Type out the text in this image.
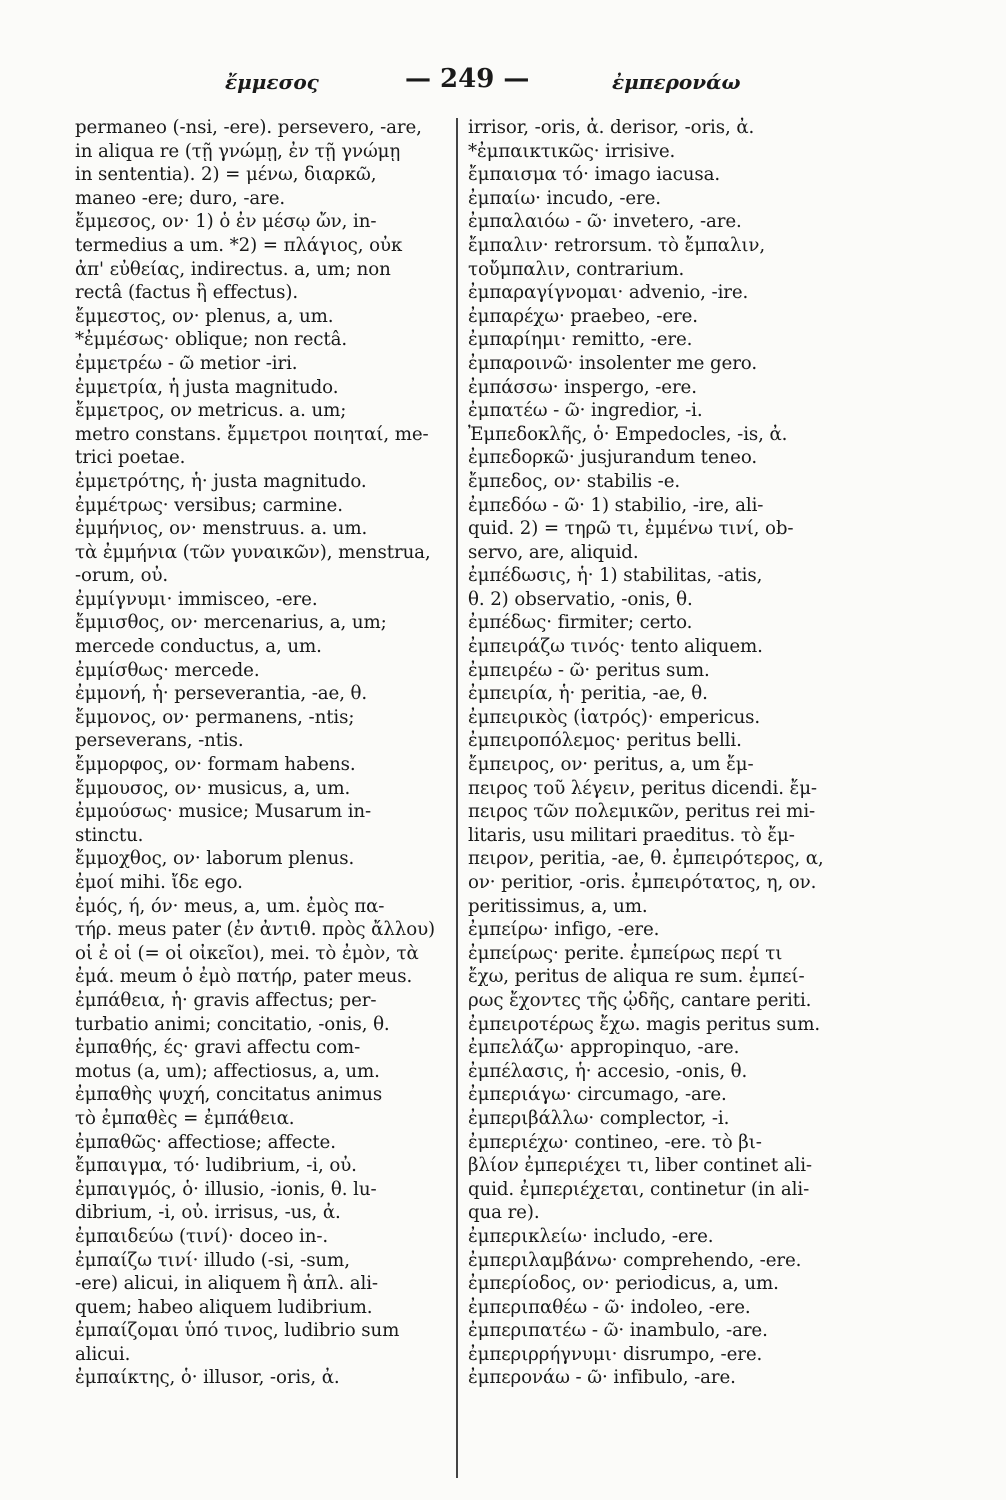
ἔμμεσος	— 249 —	ἐμπερονάω
permaneo (-nsi, -ere). persevero, -are,
in aliqua re (τῇ γνώμῃ, ἐν τῇ γνώμῃ
in sententia). 2) = μένω, διαρκῶ,
maneo -ere; duro, -are.
ἔμμεσος, ον· 1) ὁ ἐν μέσῳ ὤν, in-
termedius a um. *2) = πλάγιος, οὐκ
ἀπ' εὐθείας, indirectus. a, um; non
rectâ (factus ἢ effectus).
ἔμμεστος, ον· plenus, a, um.
*ἐμμέσως· oblique; non rectâ.
ἐμμετρέω - ῶ metior -iri.
ἐμμετρία, ἡ justa magnitudo.
ἔμμετρος, ον metricus. a. um;
metro constans. ἔμμετροι ποιηταί, me-
trici poetae.
ἐμμετρότης, ἡ· justa magnitudo.
ἐμμέτρως· versibus; carmine.
ἐμμήνιος, ον· menstruus. a. um.
τὰ ἐμμήνια (τῶν γυναικῶν), menstrua,
-orum, οὐ.
ἐμμίγνυμι· immisceo, -ere.
ἔμμισθος, ον· mercenarius, a, um;
mercede conductus, a, um.
ἐμμίσθως· mercede.
ἐμμονή, ἡ· perseverantia, -ae, θ.
ἔμμονος, ον· permanens, -ntis;
perseverans, -ntis.
ἔμμορφος, ον· formam habens.
ἔμμουσος, ον· musicus, a, um.
ἐμμούσως· musice; Musarum in-
stinctu.
ἔμμοχθος, ον· laborum plenus.
ἐμοί mihi. ἴδε ego.
ἐμός, ή, όν· meus, a, um. ἐμὸς πα-
τήρ. meus pater (ἐν ἀντιθ. πρὸς ἄλλου)
οἱ ἐ οἱ (= οἱ οἰκεῖοι), mei. τὸ ἐμὸν, τὰ
ἐμά. meum ὁ ἐμὸ πατήρ, pater meus.
ἐμπάθεια, ἡ· gravis affectus; per-
turbatio animi; concitatio, -onis, θ.
ἐμπαθής, ές· gravi affectu com-
motus (a, um); affectiosus, a, um.
ἐμπαθὴς ψυχή, concitatus animus
τὸ ἐμπαθὲς = ἐμπάθεια.
ἐμπαθῶς· affectiose; affecte.
ἔμπαιγμα, τό· ludibrium, -i, οὐ.
ἐμπαιγμός, ὁ· illusio, -ionis, θ. lu-
dibrium, -i, οὐ. irrisus, -us, ἀ.
ἐμπαιδεύω (τινί)· doceo in-.
ἐμπαίζω τινί· illudo (-si, -sum,
-ere) alicui, in aliquem ἢ ἁπλ. ali-
quem; habeo aliquem ludibrium.
ἐμπαίζομαι ὑπό τινος, ludibrio sum
alicui.
ἐμπαίκτης, ὁ· illusor, -oris, ἀ.
irrisor, -oris, ἀ. derisor, -oris, ἀ.
*ἐμπαικτικῶς· irrisive.
ἔμπαισμα τό· imago iacusa.
ἐμπαίω· incudo, -ere.
ἐμπαλαιόω - ῶ· invetero, -are.
ἔμπαλιν· retrorsum. τὸ ἔμπαλιν,
τοὔμπαλιν, contrarium.
ἐμπαραγίγνομαι· advenio, -ire.
ἐμπαρέχω· praebeo, -ere.
ἐμπαρίημι· remitto, -ere.
ἐμπαροινῶ· insolenter me gero.
ἐμπάσσω· inspergo, -ere.
ἐμπατέω - ῶ· ingredior, -i.
Ἐμπεδοκλῆς, ὁ· Empedocles, -is, ἀ.
ἐμπεδορκῶ· jusjurandum teneo.
ἔμπεδος, ον· stabilis -e.
ἐμπεδόω - ῶ· 1) stabilio, -ire, ali-
quid. 2) = τηρῶ τι, ἐμμένω τινί, ob-
servo, are, aliquid.
ἐμπέδωσις, ἡ· 1) stabilitas, -atis,
θ. 2) observatio, -onis, θ.
ἐμπέδως· firmiter; certo.
ἐμπειράζω τινός· tento aliquem.
ἐμπειρέω - ῶ· peritus sum.
ἐμπειρία, ἡ· peritia, -ae, θ.
ἐμπειρικὸς (ἰατρός)· empericus.
ἐμπειροπόλεμος· peritus belli.
ἔμπειρος, ον· peritus, a, um ἔμ-
πειρος τοῦ λέγειν, peritus dicendi. ἔμ-
πειρος τῶν πολεμικῶν, peritus rei mi-
litaris, usu militari praeditus. τὸ ἔμ-
πειρον, peritia, -ae, θ. ἐμπειρότερος, α,
ον· peritior, -oris. ἐμπειρότατος, η, ον.
peritissimus, a, um.
ἐμπείρω· infigo, -ere.
ἐμπείρως· perite. ἐμπείρως περί τι
ἔχω, peritus de aliqua re sum. ἐμπεί-
ρως ἔχοντες τῆς ᾠδῆς, cantare periti.
ἐμπειροτέρως ἔχω. magis peritus sum.
ἐμπελάζω· appropinquo, -are.
ἐμπέλασις, ἡ· accesio, -onis, θ.
ἐμπεριάγω· circumago, -are.
ἐμπεριβάλλω· complector, -i.
ἐμπεριέχω· contineo, -ere. τὸ βι-
βλίον ἐμπεριέχει τι, liber continet ali-
quid. ἐμπεριέχεται, continetur (in ali-
qua re).
ἐμπερικλείω· includo, -ere.
ἐμπεριλαμβάνω· comprehendo, -ere.
ἐμπερίοδος, ον· periodicus, a, um.
ἐμπεριπαθέω - ῶ· indoleo, -ere.
ἐμπεριπατέω - ῶ· inambulo, -are.
ἐμπεριρρήγνυμι· disrumpo, -ere.
ἐμπερονάω - ῶ· infibulo, -are.
